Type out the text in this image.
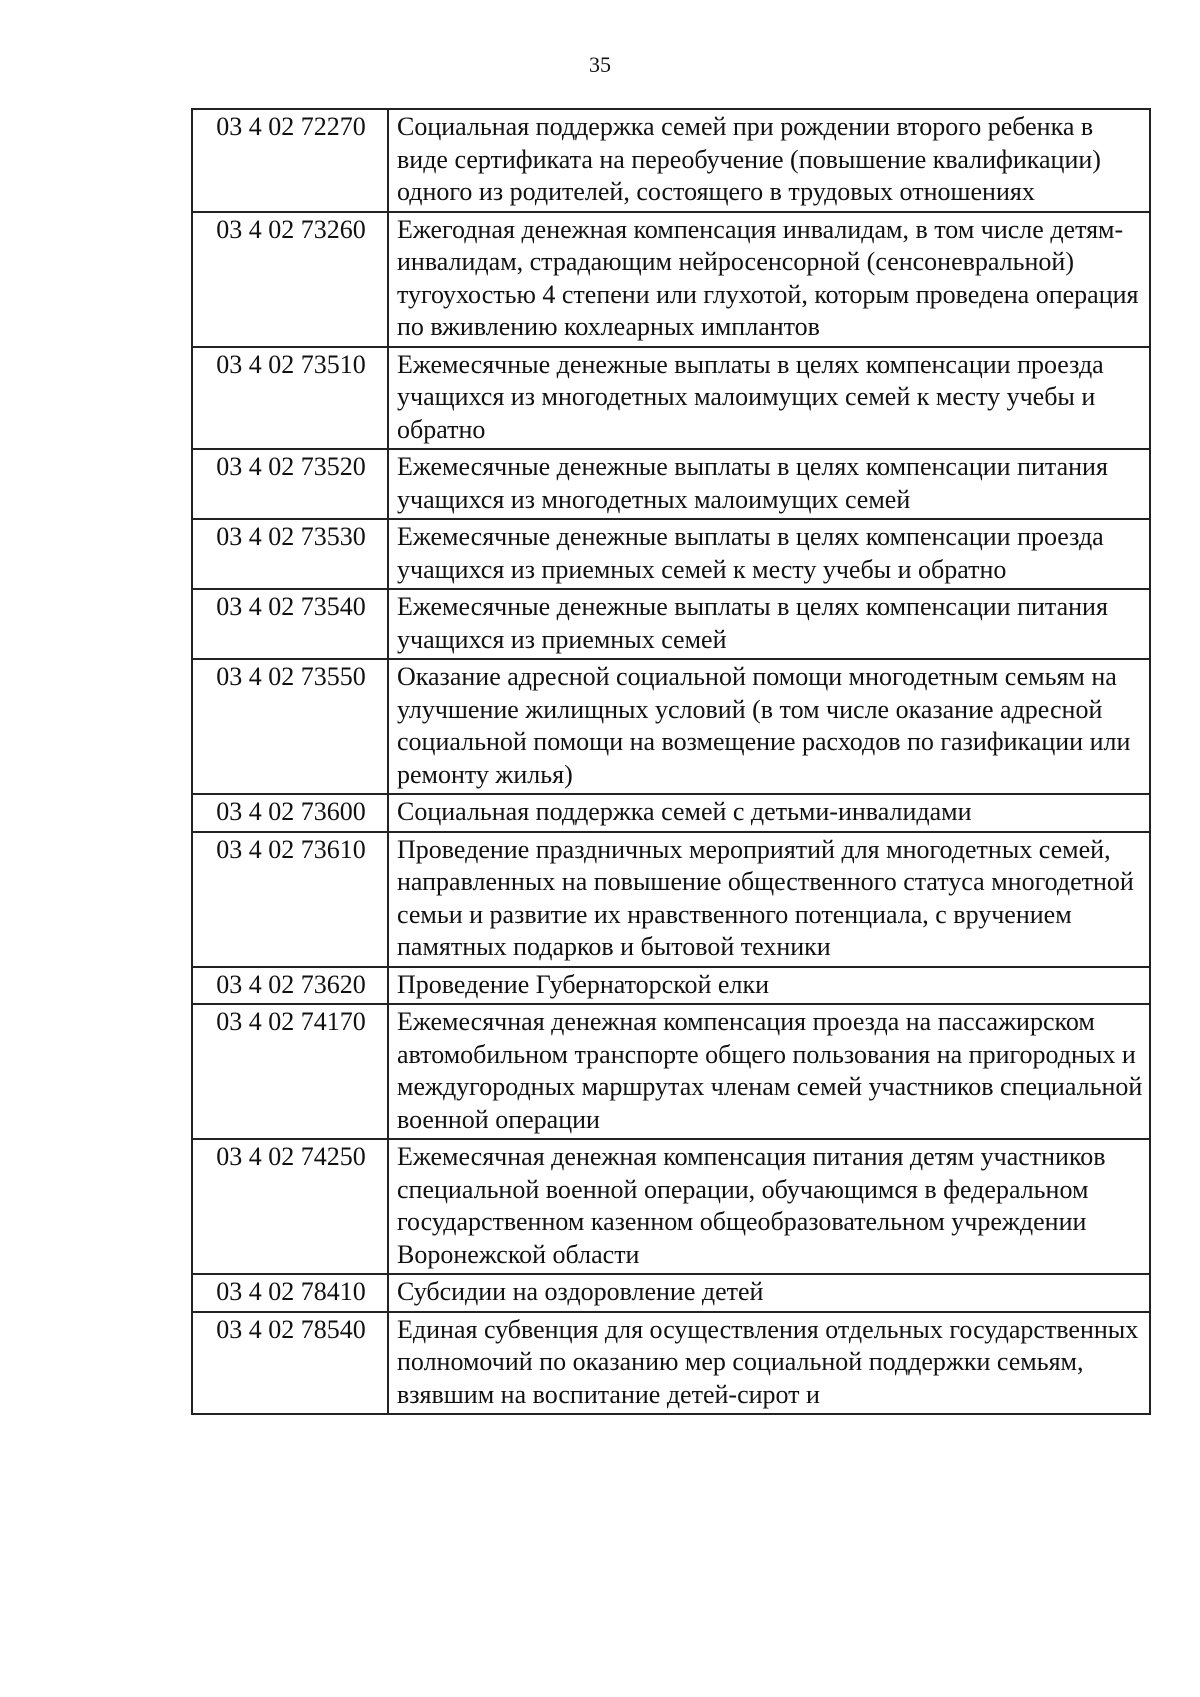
35
03 4 02 72270	Социальная поддержка семей при рождении второго ребенка в виде сертификата на переобучение (повышение квалификации) одного из родителей, состоящего в трудовых отношениях
03 4 02 73260	Ежегодная денежная компенсация инвалидам, в том числе детям-инвалидам, страдающим нейросенсорной (сенсоневральной) тугоухостью 4 степени или глухотой, которым проведена операция по вживлению кохлеарных имплантов
03 4 02 73510	Ежемесячные денежные выплаты в целях компенсации проезда учащихся из многодетных малоимущих семей к месту учебы и обратно
03 4 02 73520	Ежемесячные денежные выплаты в целях компенсации питания учащихся из многодетных малоимущих семей
03 4 02 73530	Ежемесячные денежные выплаты в целях компенсации проезда учащихся из приемных семей к месту учебы и обратно
03 4 02 73540	Ежемесячные денежные выплаты в целях компенсации питания учащихся из приемных семей
03 4 02 73550	Оказание адресной социальной помощи многодетным семьям на улучшение жилищных условий (в том числе оказание адресной социальной помощи на возмещение расходов по газификации или ремонту жилья)
03 4 02 73600	Социальная поддержка семей с детьми-инвалидами
03 4 02 73610	Проведение праздничных мероприятий для многодетных семей, направленных на повышение общественного статуса многодетной семьи и развитие их нравственного потенциала, с вручением памятных подарков и бытовой техники
03 4 02 73620	Проведение Губернаторской елки
03 4 02 74170	Ежемесячная денежная компенсация проезда на пассажирском автомобильном транспорте общего пользования на пригородных и междугородных маршрутах членам семей участников специальной военной операции
03 4 02 74250	Ежемесячная денежная компенсация питания детям участников специальной военной операции, обучающимся в федеральном государственном казенном общеобразовательном учреждении Воронежской области
03 4 02 78410	Субсидии на оздоровление детей
03 4 02 78540	Единая субвенция для осуществления отдельных государственных полномочий по оказанию мер социальной поддержки семьям, взявшим на воспитание детей-сирот и
